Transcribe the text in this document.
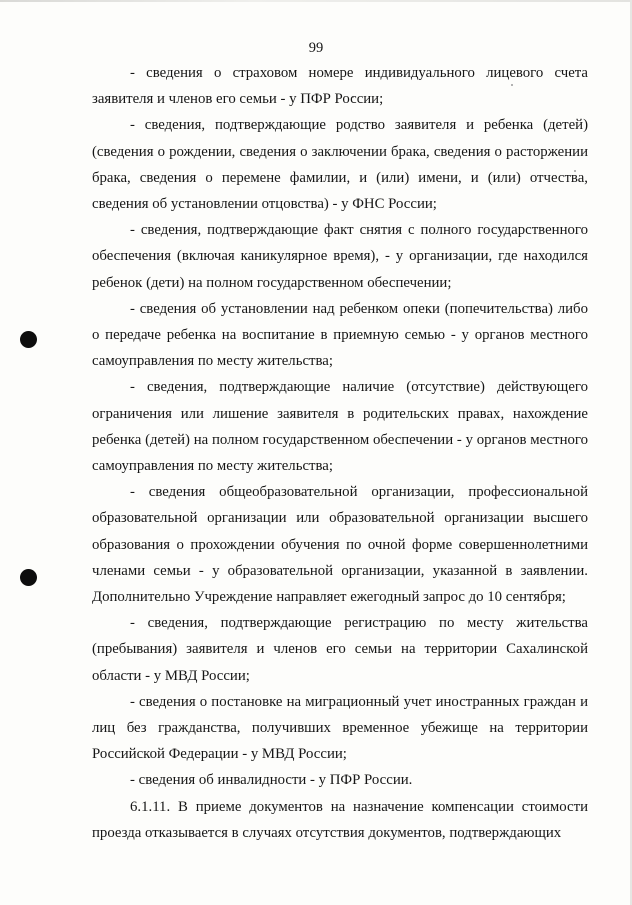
99

- сведения о страховом номере индивидуального лицевого счета заявителя и членов его семьи - у ПФР России;

- сведения, подтверждающие родство заявителя и ребенка (детей) (сведения о рождении, сведения о заключении брака, сведения о расторжении брака, сведения о перемене фамилии, и (или) имени, и (или) отчества, сведения об установлении отцовства) - у ФНС России;

- сведения, подтверждающие факт снятия с полного государственного обеспечения (включая каникулярное время), - у организации, где находился ребенок (дети) на полном государственном обеспечении;

- сведения об установлении над ребенком опеки (попечительства) либо о передаче ребенка на воспитание в приемную семью - у органов местного самоуправления по месту жительства;

- сведения, подтверждающие наличие (отсутствие) действующего ограничения или лишение заявителя в родительских правах, нахождение ребенка (детей) на полном государственном обеспечении - у органов местного самоуправления по месту жительства;

- сведения общеобразовательной организации, профессиональной образовательной организации или образовательной организации высшего образования о прохождении обучения по очной форме совершеннолетними членами семьи - у образовательной организации, указанной в заявлении. Дополнительно Учреждение направляет ежегодный запрос до 10 сентября;

- сведения, подтверждающие регистрацию по месту жительства (пребывания) заявителя и членов его семьи на территории Сахалинской области - у МВД России;

- сведения о постановке на миграционный учет иностранных граждан и лиц без гражданства, получивших временное убежище на территории Российской Федерации - у МВД России;

- сведения об инвалидности - у ПФР России.

6.1.11. В приеме документов на назначение компенсации стоимости проезда отказывается в случаях отсутствия документов, подтверждающих
